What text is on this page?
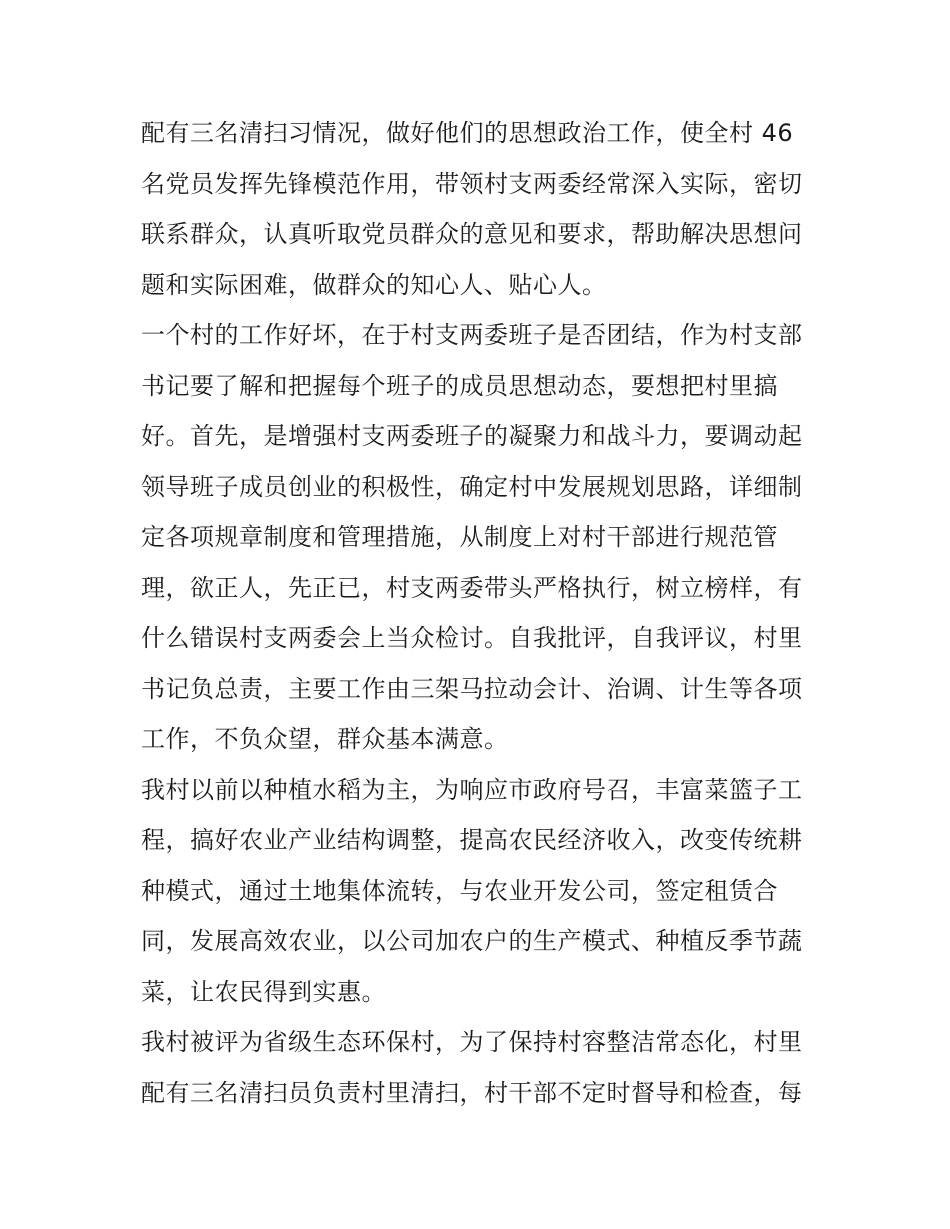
配有三名清扫习情况，做好他们的思想政治工作，使全村 46
名党员发挥先锋模范作用，带领村支两委经常深入实际，密切
联系群众，认真听取党员群众的意见和要求，帮助解决思想问
题和实际困难，做群众的知心人、贴心人。
一个村的工作好坏，在于村支两委班子是否团结，作为村支部
书记要了解和把握每个班子的成员思想动态，要想把村里搞
好。首先，是增强村支两委班子的凝聚力和战斗力，要调动起
领导班子成员创业的积极性，确定村中发展规划思路，详细制
定各项规章制度和管理措施，从制度上对村干部进行规范管
理，欲正人，先正已，村支两委带头严格执行，树立榜样，有
什么错误村支两委会上当众检讨。自我批评，自我评议，村里
书记负总责，主要工作由三架马拉动会计、治调、计生等各项
工作，不负众望，群众基本满意。
我村以前以种植水稻为主，为响应市政府号召，丰富菜篮子工
程，搞好农业产业结构调整，提高农民经济收入，改变传统耕
种模式，通过土地集体流转，与农业开发公司，签定租赁合
同，发展高效农业，以公司加农户的生产模式、种植反季节蔬
菜，让农民得到实惠。
我村被评为省级生态环保村，为了保持村容整洁常态化，村里
配有三名清扫员负责村里清扫，村干部不定时督导和检查，每
